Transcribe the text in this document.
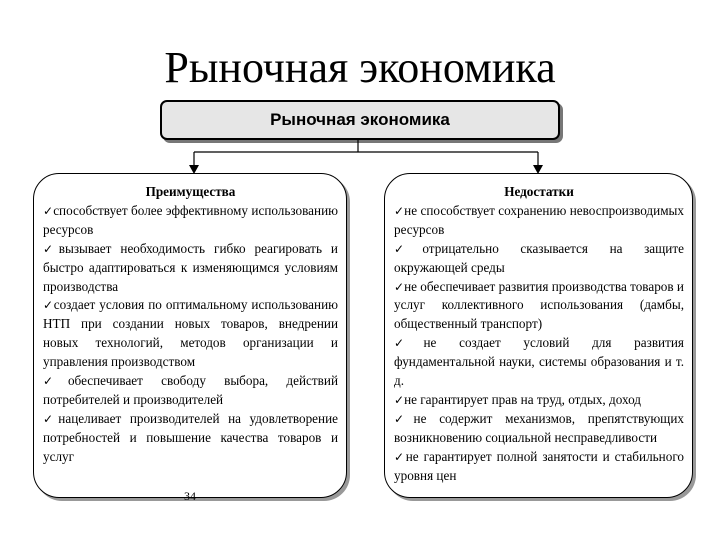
Рыночная экономика
Рыночная экономика

Преимущества

✓способствует более эффективному использованию ресурсов
✓вызывает необходимость гибко реагировать и быстро адаптироваться к изменяющимся условиям производства
✓создает условия по оптимальному использованию НТП при создании новых товаров, внедрении новых технологий, методов организации и управления производством
✓обеспечивает свободу выбора, действий потребителей и производителей
✓нацеливает производителей на удовлетворение потребностей и повышение качества товаров и услуг
34

Недостатки

✓не способствует сохранению невоспроизводимых ресурсов
✓отрицательно сказывается на защите окружающей среды
✓не обеспечивает развития производства товаров и услуг коллективного использования (дамбы, общественный транспорт)
✓не создает условий для развития фундаментальной науки, системы образования и т. д.
✓не гарантирует прав на труд, отдых, доход
✓не содержит механизмов, препятствующих возникновению социальной несправедливости
✓не гарантирует полной занятости и стабильного уровня цен
